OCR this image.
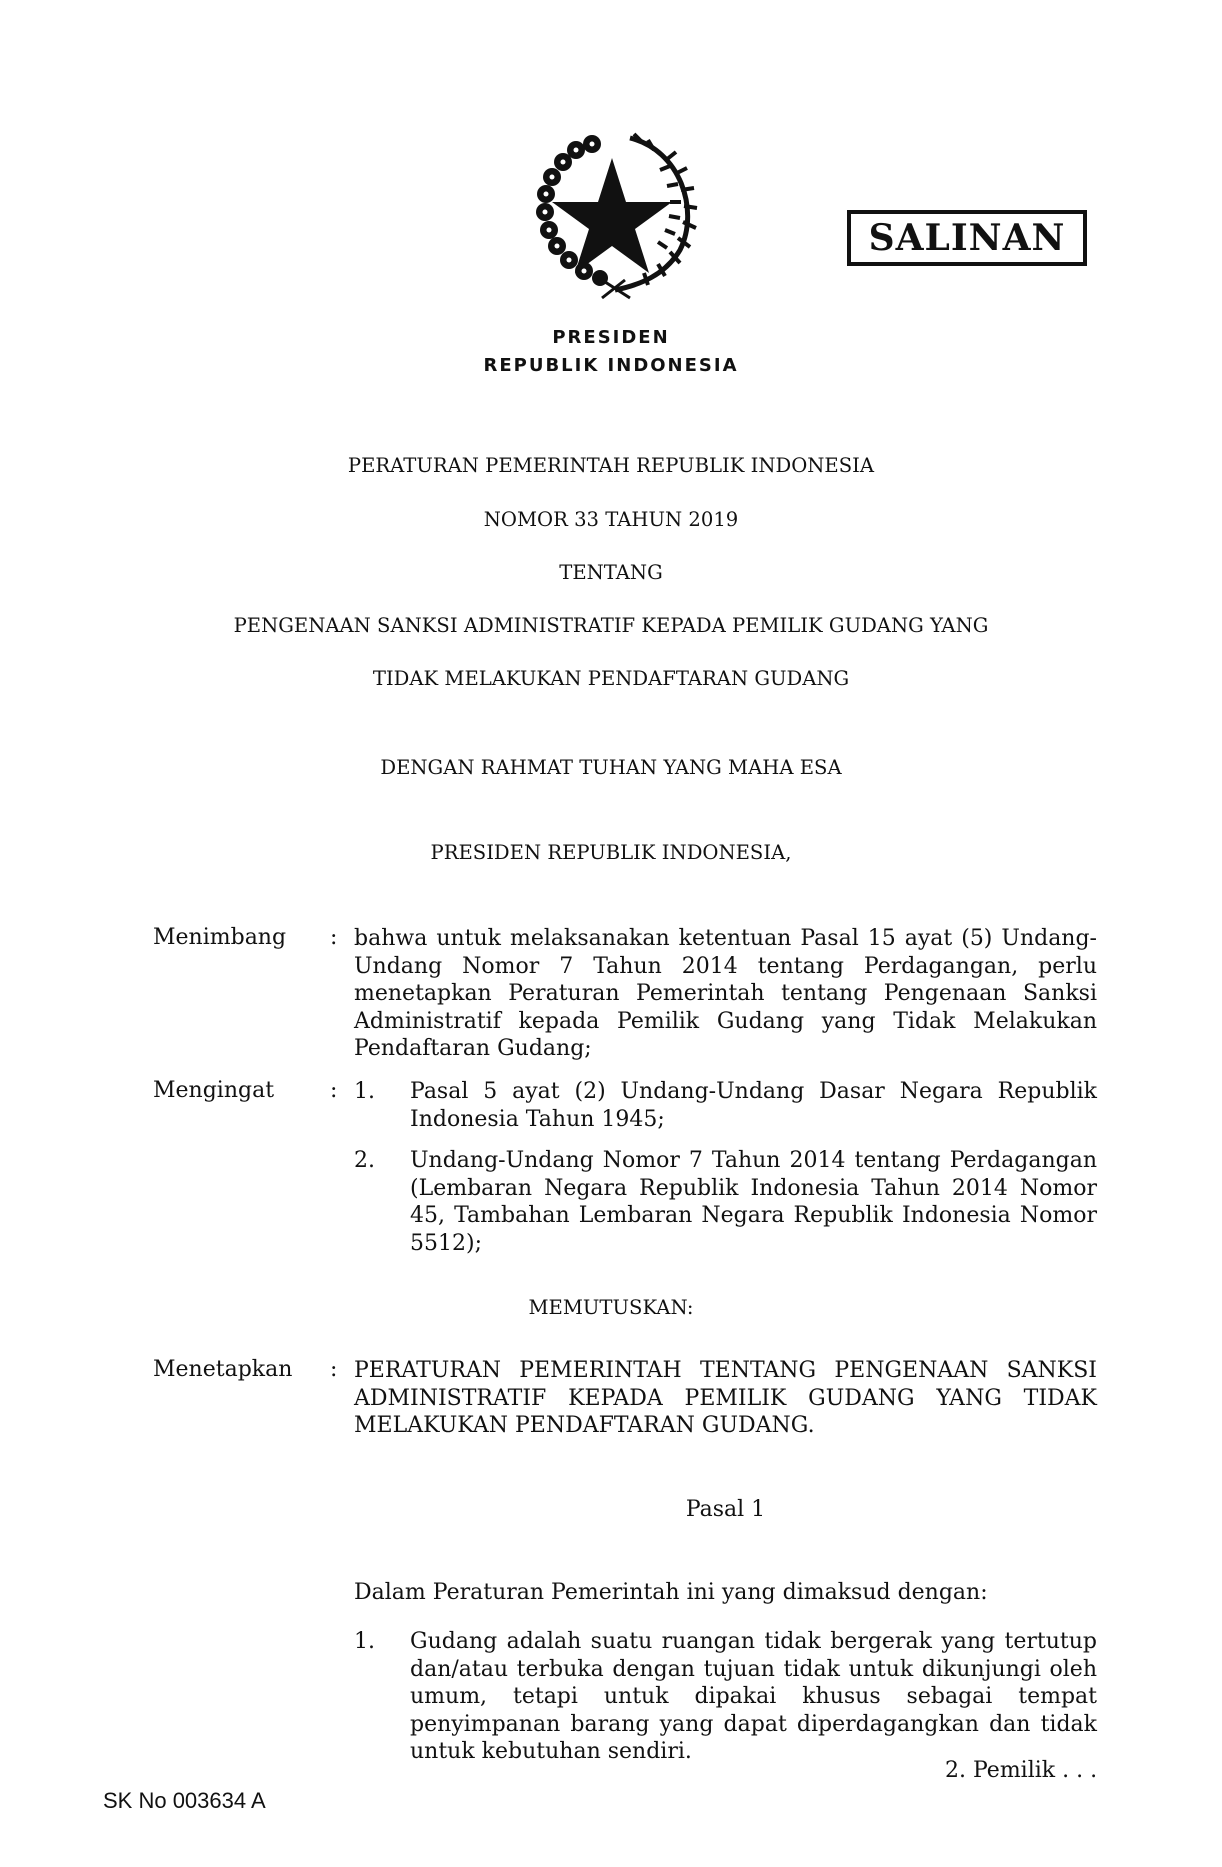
SALINAN
PRESIDEN
REPUBLIK INDONESIA
PERATURAN PEMERINTAH REPUBLIK INDONESIA
NOMOR 33 TAHUN 2019
TENTANG
PENGENAAN SANKSI ADMINISTRATIF KEPADA PEMILIK GUDANG YANG
TIDAK MELAKUKAN PENDAFTARAN GUDANG
DENGAN RAHMAT TUHAN YANG MAHA ESA
PRESIDEN REPUBLIK INDONESIA,
Menimbang : bahwa untuk melaksanakan ketentuan Pasal 15 ayat (5) Undang-Undang Nomor 7 Tahun 2014 tentang Perdagangan, perlu menetapkan Peraturan Pemerintah tentang Pengenaan Sanksi Administratif kepada Pemilik Gudang yang Tidak Melakukan Pendaftaran Gudang;
Mengingat	: 1.	Pasal 5 ayat (2) Undang-Undang Dasar Negara Republik Indonesia Tahun 1945;
2.	Undang-Undang Nomor 7 Tahun 2014 tentang Perdagangan (Lembaran Negara Republik Indonesia Tahun 2014 Nomor 45, Tambahan Lembaran Negara Republik Indonesia Nomor 5512);
MEMUTUSKAN:
Menetapkan : PERATURAN PEMERINTAH TENTANG PENGENAAN SANKSI ADMINISTRATIF KEPADA PEMILIK GUDANG YANG TIDAK MELAKUKAN PENDAFTARAN GUDANG.
Pasal 1
Dalam Peraturan Pemerintah ini yang dimaksud dengan:
1.	Gudang adalah suatu ruangan tidak bergerak yang tertutup dan/atau terbuka dengan tujuan tidak untuk dikunjungi oleh umum, tetapi untuk dipakai khusus sebagai tempat penyimpanan barang yang dapat diperdagangkan dan tidak untuk kebutuhan sendiri.
SK No 003634 A
2. Pemilik . . .
